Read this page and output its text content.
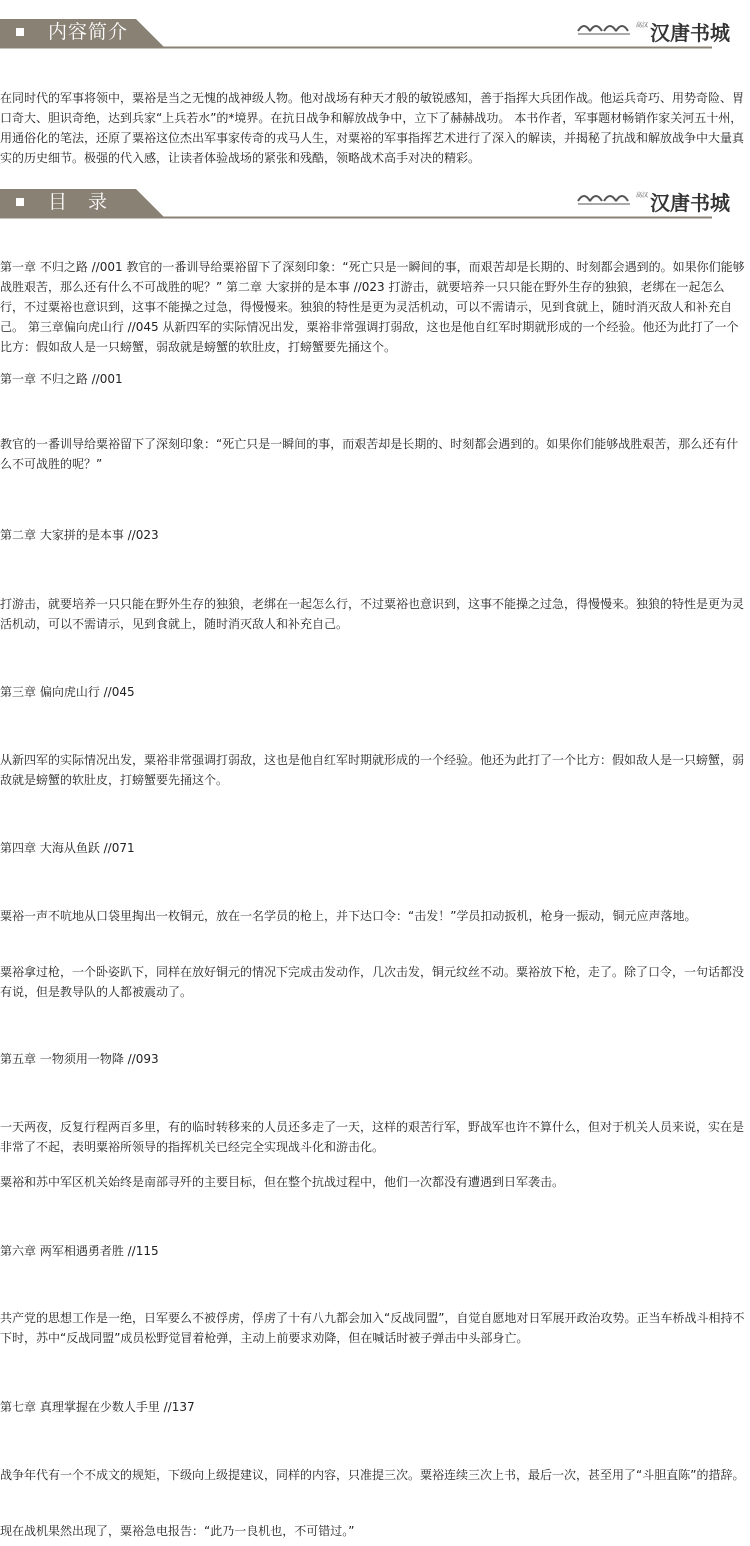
内容简介	高汉 汉唐书城

在同时代的军事将领中，粟裕是当之无愧的战神级人物。他对战场有种天才般的敏锐感知，善于指挥大兵团作战。他运兵奇巧、用势奇险、胃口奇大、胆识奇绝，达到兵家“上兵若水”的*境界。在抗日战争和解放战争中，立下了赫赫战功。 本书作者，军事题材畅销作家关河五十州，用通俗化的笔法，还原了粟裕这位杰出军事家传奇的戎马人生，对粟裕的军事指挥艺术进行了深入的解读，并揭秘了抗战和解放战争中大量真实的历史细节。极强的代入感，让读者体验战场的紧张和残酷，领略战术高手对决的精彩。

目　录	高汉 汉唐书城

第一章 不归之路 //001 教官的一番训导给粟裕留下了深刻印象：“死亡只是一瞬间的事，而艰苦却是长期的、时刻都会遇到的。如果你们能够战胜艰苦，那么还有什么不可战胜的呢？” 第二章 大家拼的是本事 //023 打游击，就要培养一只只能在野外生存的独狼，老绑在一起怎么行，不过粟裕也意识到，这事不能操之过急，得慢慢来。独狼的特性是更为灵活机动，可以不需请示，见到食就上，随时消灭敌人和补充自己。 第三章偏向虎山行 //045 从新四军的实际情况出发，粟裕非常强调打弱敌，这也是他自红军时期就形成的一个经验。他还为此打了一个比方：假如敌人是一只螃蟹，弱敌就是螃蟹的软肚皮，打螃蟹要先捅这个。

第一章 不归之路 //001

教官的一番训导给粟裕留下了深刻印象：“死亡只是一瞬间的事，而艰苦却是长期的、时刻都会遇到的。如果你们能够战胜艰苦，那么还有什么不可战胜的呢？”

第二章 大家拼的是本事 //023

打游击，就要培养一只只能在野外生存的独狼，老绑在一起怎么行，不过粟裕也意识到，这事不能操之过急，得慢慢来。独狼的特性是更为灵活机动，可以不需请示，见到食就上，随时消灭敌人和补充自己。

第三章 偏向虎山行 //045

从新四军的实际情况出发，粟裕非常强调打弱敌，这也是他自红军时期就形成的一个经验。他还为此打了一个比方：假如敌人是一只螃蟹，弱敌就是螃蟹的软肚皮，打螃蟹要先捅这个。

第四章 大海从鱼跃 //071

粟裕一声不吭地从口袋里掏出一枚铜元，放在一名学员的枪上，并下达口令：“击发！”学员扣动扳机，枪身一振动，铜元应声落地。

粟裕拿过枪，一个卧姿趴下，同样在放好铜元的情况下完成击发动作，几次击发，铜元纹丝不动。粟裕放下枪，走了。除了口令，一句话都没有说，但是教导队的人都被震动了。

第五章 一物须用一物降 //093

一天两夜，反复行程两百多里，有的临时转移来的人员还多走了一天，这样的艰苦行军，野战军也许不算什么，但对于机关人员来说，实在是非常了不起，表明粟裕所领导的指挥机关已经完全实现战斗化和游击化。

粟裕和苏中军区机关始终是南部寻歼的主要目标，但在整个抗战过程中，他们一次都没有遭遇到日军袭击。

第六章 两军相遇勇者胜 //115

共产党的思想工作是一绝，日军要么不被俘虏，俘虏了十有八九都会加入“反战同盟”，自觉自愿地对日军展开政治攻势。正当车桥战斗相持不下时，苏中“反战同盟”成员松野觉冒着枪弹，主动上前要求劝降，但在喊话时被子弹击中头部身亡。

第七章 真理掌握在少数人手里 //137

战争年代有一个不成文的规矩，下级向上级提建议，同样的内容，只准提三次。粟裕连续三次上书，最后一次，甚至用了“斗胆直陈”的措辞。

现在战机果然出现了，粟裕急电报告：“此乃一良机也，不可错过。”
